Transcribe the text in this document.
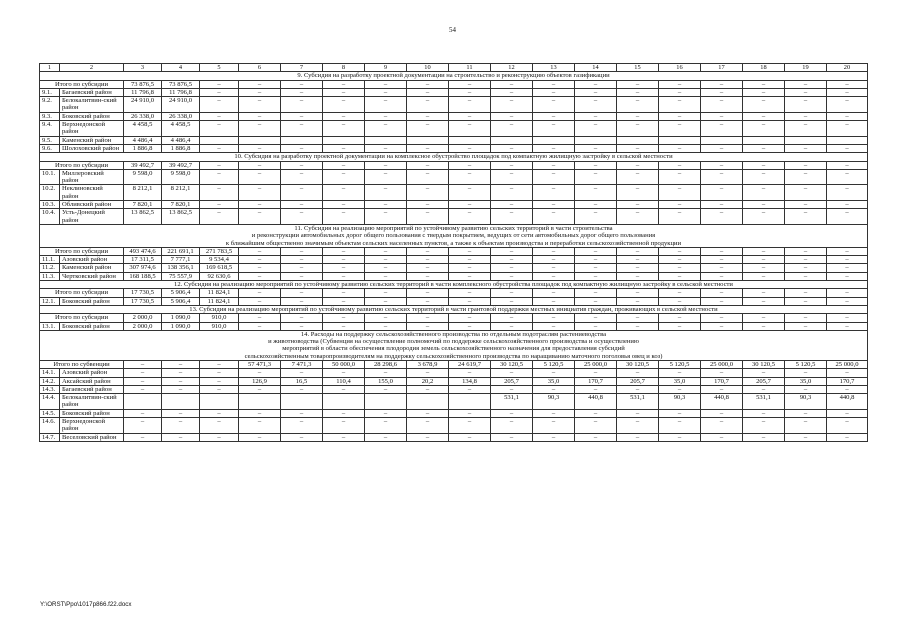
54
1	2	3	4	5	6	7	8	9	10	11	12	13	14	15	16	17	18	19	20

9. Субсидия на разработку проектной документации на строительство и реконструкцию объектов газификации																			

Итого по субсидии		73 876,5	73 876,5	–	–	–	–	–	–	–	–	–	–	–	–	–	–	–	–
9.1.	Багаевский район	11 796,8	11 796,8	–	–	–	–	–	–	–	–	–	–	–	–	–	–	–	–
9.2.	Белокалитвин-ский район	24 910,0	24 910,0	–	–	–	–	–	–	–	–	–	–	–	–	–	–	–	–
9.3.	Боковский район	26 338,0	26 338,0	–	–	–	–	–	–	–	–	–	–	–	–	–	–	–	–
9.4.	Верхнедонской район	4 458,5	4 458,5	–	–	–	–	–	–	–	–	–	–	–	–	–	–	–	–
9.5.	Каменский район	4 486,4	4 486,4																
9.6.	Шолоховский район	1 886,8	1 886,8	–	–	–	–	–	–	–	–	–	–	–	–	–	–	–	–

10. Субсидия на разработку проектной документации на комплексное обустройство площадок под компактную жилищную застройку в сельской местности																			

Итого по субсидии		39 492,7	39 492,7	–	–	–	–	–	–	–	–	–	–	–	–	–	–	–	–
10.1.	Миллеровский район	9 598,0	9 598,0	–	–	–	–	–	–	–	–	–	–	–	–	–	–	–	–
10.2.	Неклиновский район	8 212,1	8 212,1	–	–	–	–	–	–	–	–	–	–	–	–	–	–	–	–
10.3.	Обливский район	7 820,1	7 820,1	–	–	–	–	–	–	–	–	–	–	–	–	–	–	–	–
10.4.	Усть-Донецкий район	13 862,5	13 862,5	–	–	–	–	–	–	–	–	–	–	–	–	–	–	–	–

11. Субсидия на реализацию мероприятий по устойчивому развитию сельских территорий в части строительства
и реконструкции автомобильных дорог общего пользования с твердым покрытием, ведущих от сети автомобильных дорог общего пользования
к ближайшим общественно значимым объектам сельских населенных пунктов, а также к объектам производства и переработки сельскохозяйственной продукции																			

Итого по субсидии		493 474,6	221 691,1	271 783,5	–	–	–	–	–	–	–	–	–	–	–	–	–	–	–
11.1.	Азовский район	17 311,5	7 777,1	9 534,4	–	–	–	–	–	–	–	–	–	–	–	–	–	–	–
11.2.	Каменский район	307 974,6	138 356,1	169 618,5	–	–	–	–	–	–	–	–	–	–	–	–	–	–	–
11.3.	Чертковский район	168 188,5	75 557,9	92 630,6	–	–	–	–	–	–	–	–	–	–	–	–	–	–	–

12. Субсидия на реализацию мероприятий по устойчивому развитию сельских территорий в части комплексного обустройства площадок под компактную жилищную застройку в сельской местности																			

Итого по субсидии		17 730,5	5 906,4	11 824,1	–	–	–	–	–	–	–	–	–	–	–	–	–	–	–
12.1.	Боковский район	17 730,5	5 906,4	11 824,1	–	–	–	–	–	–	–	–	–	–	–	–	–	–	–

13. Субсидия на реализацию мероприятий по устойчивому развитию сельских территорий в части грантовой поддержки местных инициатив граждан, проживающих в сельской местности																			

Итого по субсидии		2 000,0	1 090,0	910,0	–	–	–	–	–	–	–	–	–	–	–	–	–	–	–
13.1.	Боковский район	2 000,0	1 090,0	910,0	–	–	–	–	–	–	–	–	–	–	–	–	–	–	–

14. Расходы на поддержку сельскохозяйственного производства по отдельным подотраслям растениеводства
и животноводства (Субвенция на осуществление полномочий по поддержке сельскохозяйственного производства и осуществлению
мероприятий в области обеспечения плодородия земель сельскохозяйственного назначения для предоставления субсидий
сельскохозяйственным товаропроизводителям на поддержку сельскохозяйственного производства по наращиванию маточного поголовья овец и коз)																			

Итого по субвенции		–	–	–	57 471,3	7 471,3	50 000,0	28 298,6	3 678,9	24 619,7	30 120,5	5 120,5	25 000,0	30 120,5	5 120,5	25 000,0	30 120,5	5 120,5	25 000,0
14.1.	Азовский район	–	–	–	–	–	–	–	–	–	–	–	–	–	–	–	–	–	–
14.2.	Аксайский район	–	–	–	126,9	16,5	110,4	155,0	20,2	134,8	205,7	35,0	170,7	205,7	35,0	170,7	205,7	35,0	170,7
14.3.	Багаевский район	–	–	–	–	–	–	–	–	–	–	–	–	–	–	–	–	–	–
14.4.	Белокалитвин-ский район										531,1	90,3	440,8	531,1	90,3	440,8	531,1	90,3	440,8
14.5.	Боковский район	–	–	–	–	–	–	–	–	–	–	–	–	–	–	–	–	–	–
14.6.	Верхнедонской район	–	–	–	–	–	–	–	–	–	–	–	–	–	–	–	–	–	–
14.7.	Веселовский район	–	–	–	–	–	–	–	–	–	–	–	–	–	–	–	–	–	–
Y:\ORST\Ppo\1017p866.f22.docx
